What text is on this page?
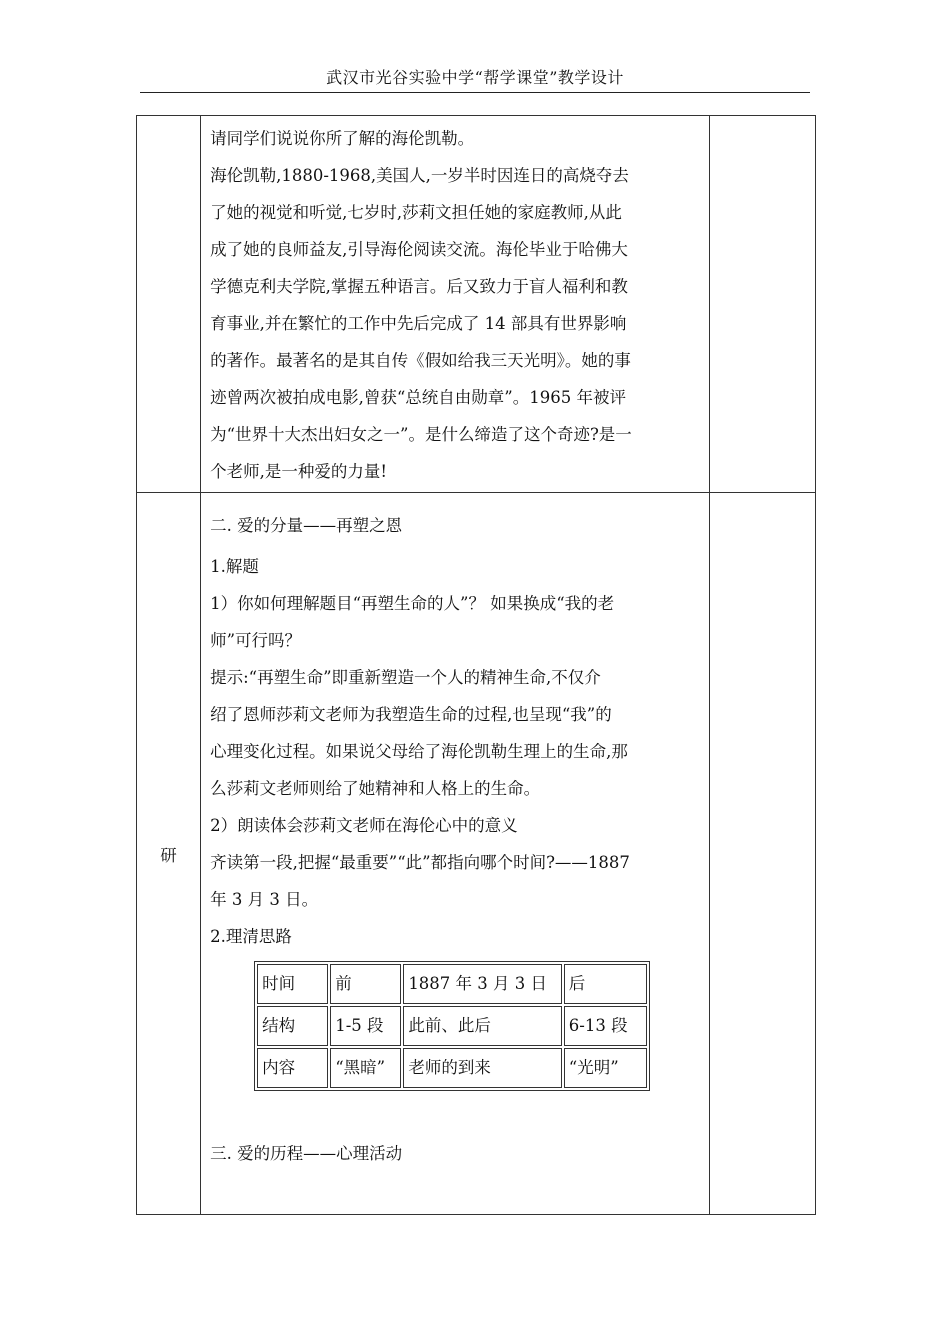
武汉市光谷实验中学“帮学课堂”教学设计

请同学们说说你所了解的海伦凯勒。

海伦凯勒,1880-1968,美国人,一岁半时因连日的高烧夺去

了她的视觉和听觉,七岁时,莎莉文担任她的家庭教师,从此

成了她的良师益友,引导海伦阅读交流。海伦毕业于哈佛大

学德克利夫学院,掌握五种语言。后又致力于盲人福利和教

育事业,并在繁忙的工作中先后完成了 14 部具有世界影响

的著作。最著名的是其自传《假如给我三天光明》。她的事

迹曾两次被拍成电影,曾获“总统自由勋章”。1965 年被评

为“世界十大杰出妇女之一”。是什么缔造了这个奇迹?是一

个老师,是一种爱的力量!

研	

二. 爱的分量——再塑之恩

1.解题

1）你如何理解题目“再塑生命的人”？ 如果换成“我的老

师”可行吗？

提示:“再塑生命”即重新塑造一个人的精神生命,不仅介

绍了恩师莎莉文老师为我塑造生命的过程,也呈现“我”的

心理变化过程。如果说父母给了海伦凯勒生理上的生命,那

么莎莉文老师则给了她精神和人格上的生命。

2）朗读体会莎莉文老师在海伦心中的意义

齐读第一段,把握“最重要”“此”都指向哪个时间?——1887

年 3 月 3 日。

2.理清思路

时间	前	1887 年 3 月 3 日	后
结构	1-5 段	此前、此后	6-13 段
内容	“黑暗”	老师的到来	“光明”

三. 爱的历程——心理活动
